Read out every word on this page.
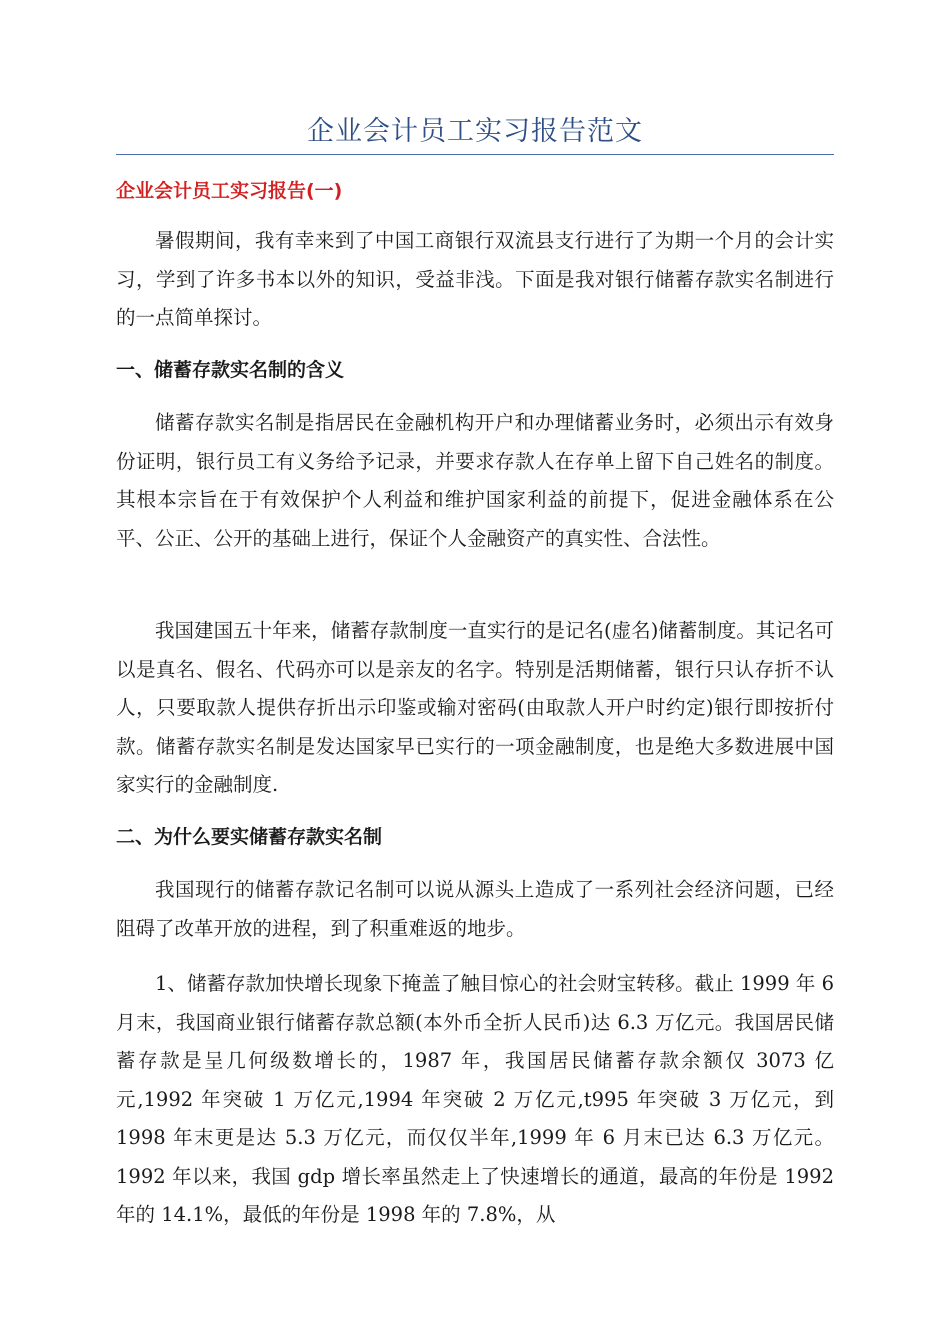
企业会计员工实习报告范文
企业会计员工实习报告(一)

暑假期间，我有幸来到了中国工商银行双流县支行进行了为期一个月的会计实习，学到了许多书本以外的知识，受益非浅。下面是我对银行储蓄存款实名制进行的一点简单探讨。

一、储蓄存款实名制的含义

储蓄存款实名制是指居民在金融机构开户和办理储蓄业务时，必须出示有效身份证明，银行员工有义务给予记录，并要求存款人在存单上留下自己姓名的制度。其根本宗旨在于有效保护个人利益和维护国家利益的前提下，促进金融体系在公平、公正、公开的基础上进行，保证个人金融资产的真实性、合法性。

我国建国五十年来，储蓄存款制度一直实行的是记名(虚名)储蓄制度。其记名可以是真名、假名、代码亦可以是亲友的名字。特别是活期储蓄，银行只认存折不认人，只要取款人提供存折出示印鉴或输对密码(由取款人开户时约定)银行即按折付款。储蓄存款实名制是发达国家早已实行的一项金融制度，也是绝大多数进展中国家实行的金融制度.

二、为什么要实储蓄存款实名制

我国现行的储蓄存款记名制可以说从源头上造成了一系列社会经济问题，已经阻碍了改革开放的进程，到了积重难返的地步。

1、储蓄存款加快增长现象下掩盖了触目惊心的社会财宝转移。截止 1999 年 6 月末，我国商业银行储蓄存款总额(本外币全折人民币)达 6.3 万亿元。我国居民储蓄存款是呈几何级数增长的，1987 年，我国居民储蓄存款余额仅 3073 亿元,1992 年突破 1 万亿元,1994 年突破 2 万亿元,t995 年突破 3 万亿元，到 1998 年末更是达 5.3 万亿元，而仅仅半年,1999 年 6 月末已达 6.3 万亿元。1992 年以来，我国 gdp 增长率虽然走上了快速增长的通道，最高的年份是 1992 年的 14.1%，最低的年份是 1998 年的 7.8%，从
